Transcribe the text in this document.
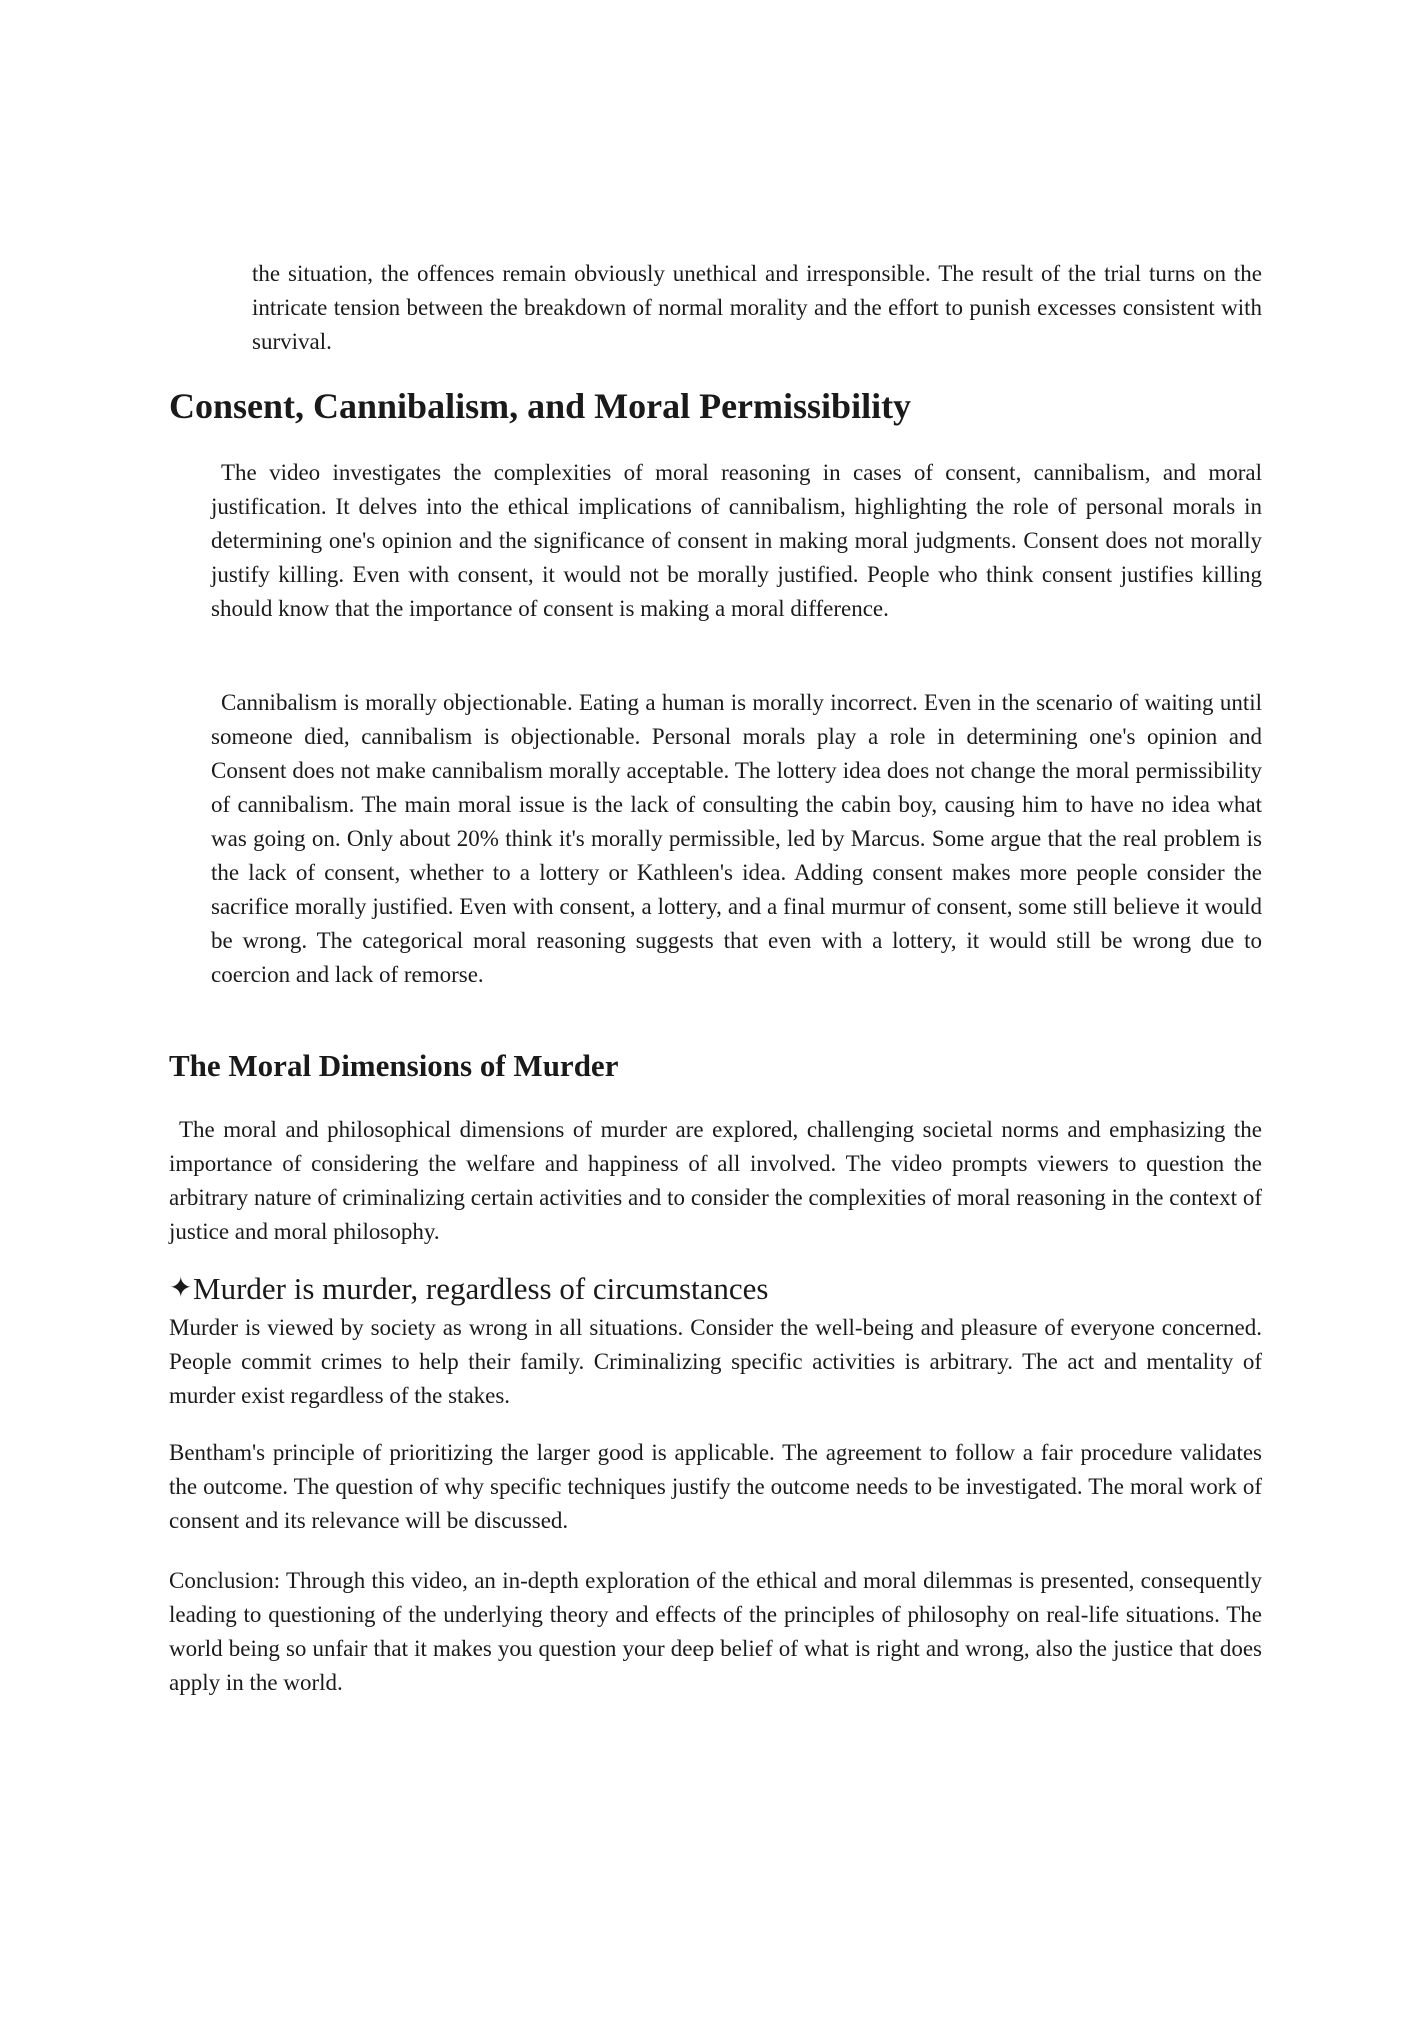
the situation, the offences remain obviously unethical and irresponsible. The result of the trial turns on the intricate tension between the breakdown of normal morality and the effort to punish excesses consistent with survival.

Consent, Cannibalism, and Moral Permissibility

The video investigates the complexities of moral reasoning in cases of consent, cannibalism, and moral justification. It delves into the ethical implications of cannibalism, highlighting the role of personal morals in determining one's opinion and the significance of consent in making moral judgments. Consent does not morally justify killing. Even with consent, it would not be morally justified. People who think consent justifies killing should know that the importance of consent is making a moral difference.

Cannibalism is morally objectionable. Eating a human is morally incorrect. Even in the scenario of waiting until someone died, cannibalism is objectionable. Personal morals play a role in determining one's opinion and Consent does not make cannibalism morally acceptable. The lottery idea does not change the moral permissibility of cannibalism. The main moral issue is the lack of consulting the cabin boy, causing him to have no idea what was going on. Only about 20% think it's morally permissible, led by Marcus. Some argue that the real problem is the lack of consent, whether to a lottery or Kathleen's idea. Adding consent makes more people consider the sacrifice morally justified. Even with consent, a lottery, and a final murmur of consent, some still believe it would be wrong. The categorical moral reasoning suggests that even with a lottery, it would still be wrong due to coercion and lack of remorse.

The Moral Dimensions of Murder

The moral and philosophical dimensions of murder are explored, challenging societal norms and emphasizing the importance of considering the welfare and happiness of all involved. The video prompts viewers to question the arbitrary nature of criminalizing certain activities and to consider the complexities of moral reasoning in the context of justice and moral philosophy.

✦Murder is murder, regardless of circumstances

Murder is viewed by society as wrong in all situations. Consider the well-being and pleasure of everyone concerned. People commit crimes to help their family. Criminalizing specific activities is arbitrary. The act and mentality of murder exist regardless of the stakes.

Bentham's principle of prioritizing the larger good is applicable. The agreement to follow a fair procedure validates the outcome. The question of why specific techniques justify the outcome needs to be investigated. The moral work of consent and its relevance will be discussed.

Conclusion: Through this video, an in-depth exploration of the ethical and moral dilemmas is presented, consequently leading to questioning of the underlying theory and effects of the principles of philosophy on real-life situations. The world being so unfair that it makes you question your deep belief of what is right and wrong, also the justice that does apply in the world.
